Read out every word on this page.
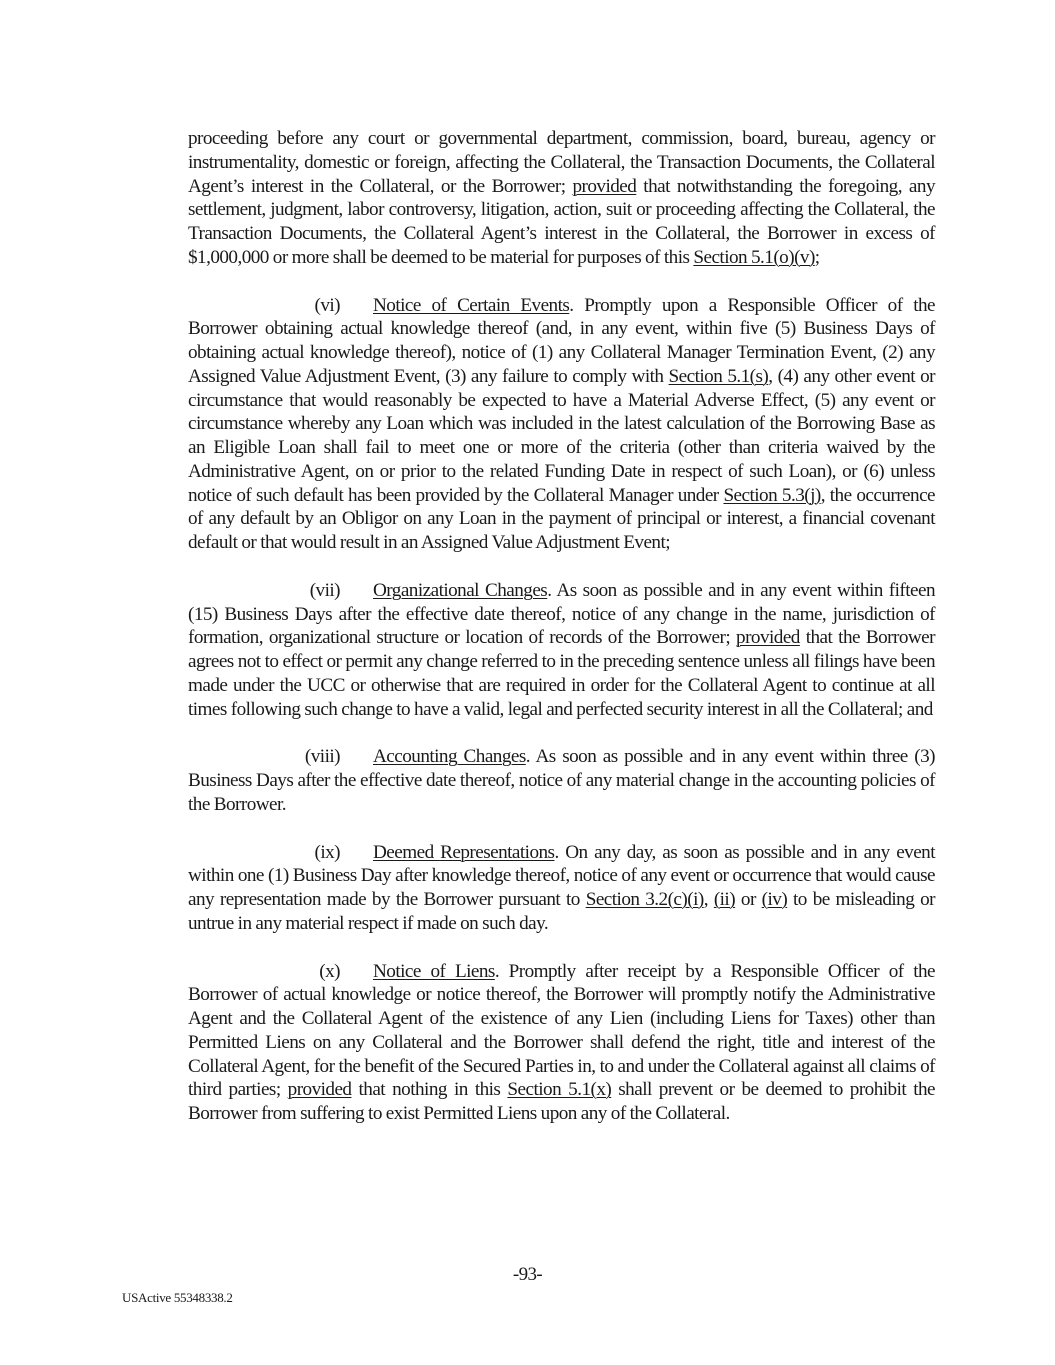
proceeding before any court or governmental department, commission, board, bureau, agency or instrumentality, domestic or foreign, affecting the Collateral, the Transaction Documents, the Collateral Agent’s interest in the Collateral, or the Borrower; provided that notwithstanding the foregoing, any settlement, judgment, labor controversy, litigation, action, suit or proceeding affecting the Collateral, the Transaction Documents, the Collateral Agent’s interest in the Collateral, the Borrower in excess of $1,000,000 or more shall be deemed to be material for purposes of this Section 5.1(o)(v);

(vi) Notice of Certain Events. Promptly upon a Responsible Officer of the Borrower obtaining actual knowledge thereof (and, in any event, within five (5) Business Days of obtaining actual knowledge thereof), notice of (1) any Collateral Manager Termination Event, (2) any Assigned Value Adjustment Event, (3) any failure to comply with Section 5.1(s), (4) any other event or circumstance that would reasonably be expected to have a Material Adverse Effect, (5) any event or circumstance whereby any Loan which was included in the latest calculation of the Borrowing Base as an Eligible Loan shall fail to meet one or more of the criteria (other than criteria waived by the Administrative Agent, on or prior to the related Funding Date in respect of such Loan), or (6) unless notice of such default has been provided by the Collateral Manager under Section 5.3(j), the occurrence of any default by an Obligor on any Loan in the payment of principal or interest, a financial covenant default or that would result in an Assigned Value Adjustment Event;

(vii) Organizational Changes. As soon as possible and in any event within fifteen (15) Business Days after the effective date thereof, notice of any change in the name, jurisdiction of formation, organizational structure or location of records of the Borrower; provided that the Borrower agrees not to effect or permit any change referred to in the preceding sentence unless all filings have been made under the UCC or otherwise that are required in order for the Collateral Agent to continue at all times following such change to have a valid, legal and perfected security interest in all the Collateral; and

(viii) Accounting Changes. As soon as possible and in any event within three (3) Business Days after the effective date thereof, notice of any material change in the accounting policies of the Borrower.

(ix) Deemed Representations. On any day, as soon as possible and in any event within one (1) Business Day after knowledge thereof, notice of any event or occurrence that would cause any representation made by the Borrower pursuant to Section 3.2(c)(i), (ii) or (iv) to be misleading or untrue in any material respect if made on such day.

(x) Notice of Liens. Promptly after receipt by a Responsible Officer of the Borrower of actual knowledge or notice thereof, the Borrower will promptly notify the Administrative Agent and the Collateral Agent of the existence of any Lien (including Liens for Taxes) other than Permitted Liens on any Collateral and the Borrower shall defend the right, title and interest of the Collateral Agent, for the benefit of the Secured Parties in, to and under the Collateral against all claims of third parties; provided that nothing in this Section 5.1(x) shall prevent or be deemed to prohibit the Borrower from suffering to exist Permitted Liens upon any of the Collateral.

-93-
USActive 55348338.2
